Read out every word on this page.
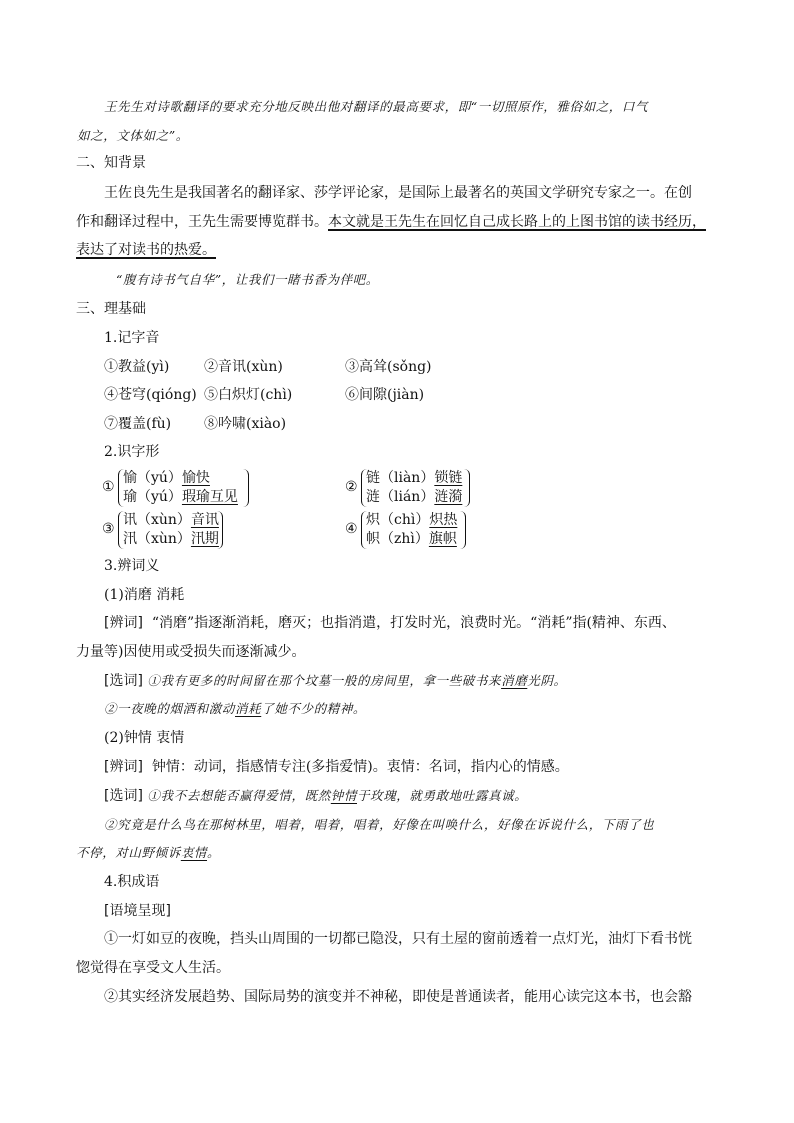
王先生对诗歌翻译的要求充分地反映出他对翻译的最高要求，即“一切照原作，雅俗如之，口气
如之，文体如之”。
二、知背景
王佐良先生是我国著名的翻译家、莎学评论家，是国际上最著名的英国文学研究专家之一。在创
作和翻译过程中，王先生需要博览群书。本文就是王先生在回忆自己成长路上的上图书馆的读书经历，
表达了对读书的热爱。
“腹有诗书气自华”，让我们一睹书香为伴吧。
三、理基础
1.记字音
①教益(yì) ②音讯(xùn)	③高耸(sǒng)
④苍穹(qióng) ⑤白炽灯(chì)	⑥间隙(jiàn)
⑦覆盖(fù) ⑧吟啸(xiào)
2.识字形
①
愉（yú）愉快
瑜（yú）瑕瑜互见
②
链（liàn）锁链
涟（lián）涟漪
③
讯（xùn）音讯
汛（xùn）汛期
④
炽（chì）炽热
帜（zhì）旗帜
3.辨词义
(1)消磨 消耗
[辨词] “消磨”指逐渐消耗，磨灭；也指消遣，打发时光，浪费时光。“消耗”指(精神、东西、
力量等)因使用或受损失而逐渐减少。
[选词] ①我有更多的时间留在那个坟墓一般的房间里，拿一些破书来消磨光阴。
②一夜晚的烟酒和激动消耗了她不少的精神。
(2)钟情 衷情
[辨词] 钟情：动词，指感情专注(多指爱情)。衷情：名词，指内心的情感。
[选词] ①我不去想能否赢得爱情，既然钟情于玫瑰，就勇敢地吐露真诚。
②究竟是什么鸟在那树林里，唱着，唱着，唱着，好像在叫唤什么，好像在诉说什么，下雨了也
不停，对山野倾诉衷情。
4.积成语
[语境呈现]
①一灯如豆的夜晚，挡头山周围的一切都已隐没，只有土屋的窗前透着一点灯光，油灯下看书恍
惚觉得在享受文人生活。
②其实经济发展趋势、国际局势的演变并不神秘，即使是普通读者，能用心读完这本书，也会豁
